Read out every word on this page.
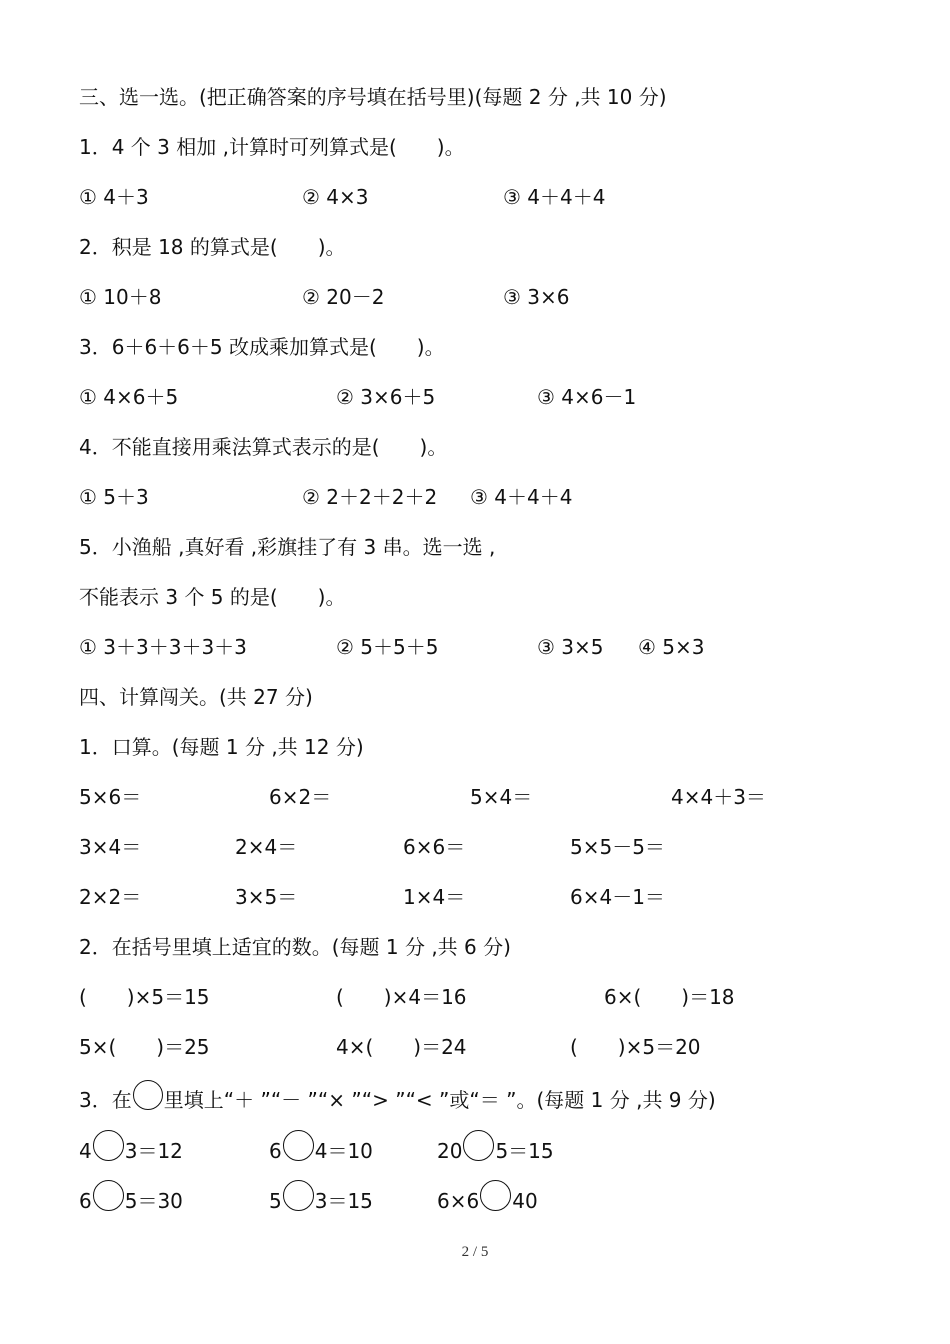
三、选一选。(把正确答案的序号填在括号里)(每题 2 分 ,共 10 分)
1．4 个 3 相加 ,计算时可列算式是(　　)。
① 4＋3	② 4×3	③ 4＋4＋4
2．积是 18 的算式是(　　)。
① 10＋8	② 20－2	③ 3×6
3．6＋6＋6＋5 改成乘加算式是(　　)。
① 4×6＋5	② 3×6＋5	③ 4×6－1
4．不能直接用乘法算式表示的是(　　)。
① 5＋3	② 2＋2＋2＋2 ③ 4＋4＋4
5．小渔船 ,真好看 ,彩旗挂了有 3 串。选一选 ,
不能表示 3 个 5 的是(　　)。
① 3＋3＋3＋3＋3	② 5＋5＋5	③ 3×5 ④ 5×3
四、计算闯关。(共 27 分)
1．口算。(每题 1 分 ,共 12 分)
5×6＝	6×2＝	5×4＝	4×4＋3＝
3×4＝	2×4＝	6×6＝	5×5－5＝
2×2＝	3×5＝	1×4＝	6×4－1＝
2．在括号里填上适宜的数。(每题 1 分 ,共 6 分)
(　　)×5＝15	(　　)×4＝16	6×(　　)＝18
5×(　　)＝25	4×(　　)＝24	(　　)×5＝20
3．在 里填上“＋ ”“－ ”“× ”“> ”“< ”或“＝ ”。(每题 1 分 ,共 9 分)
4 3＝12	6 4＝10	20 5＝15
6 5＝30	5 3＝15	6×6 40
2 / 5
